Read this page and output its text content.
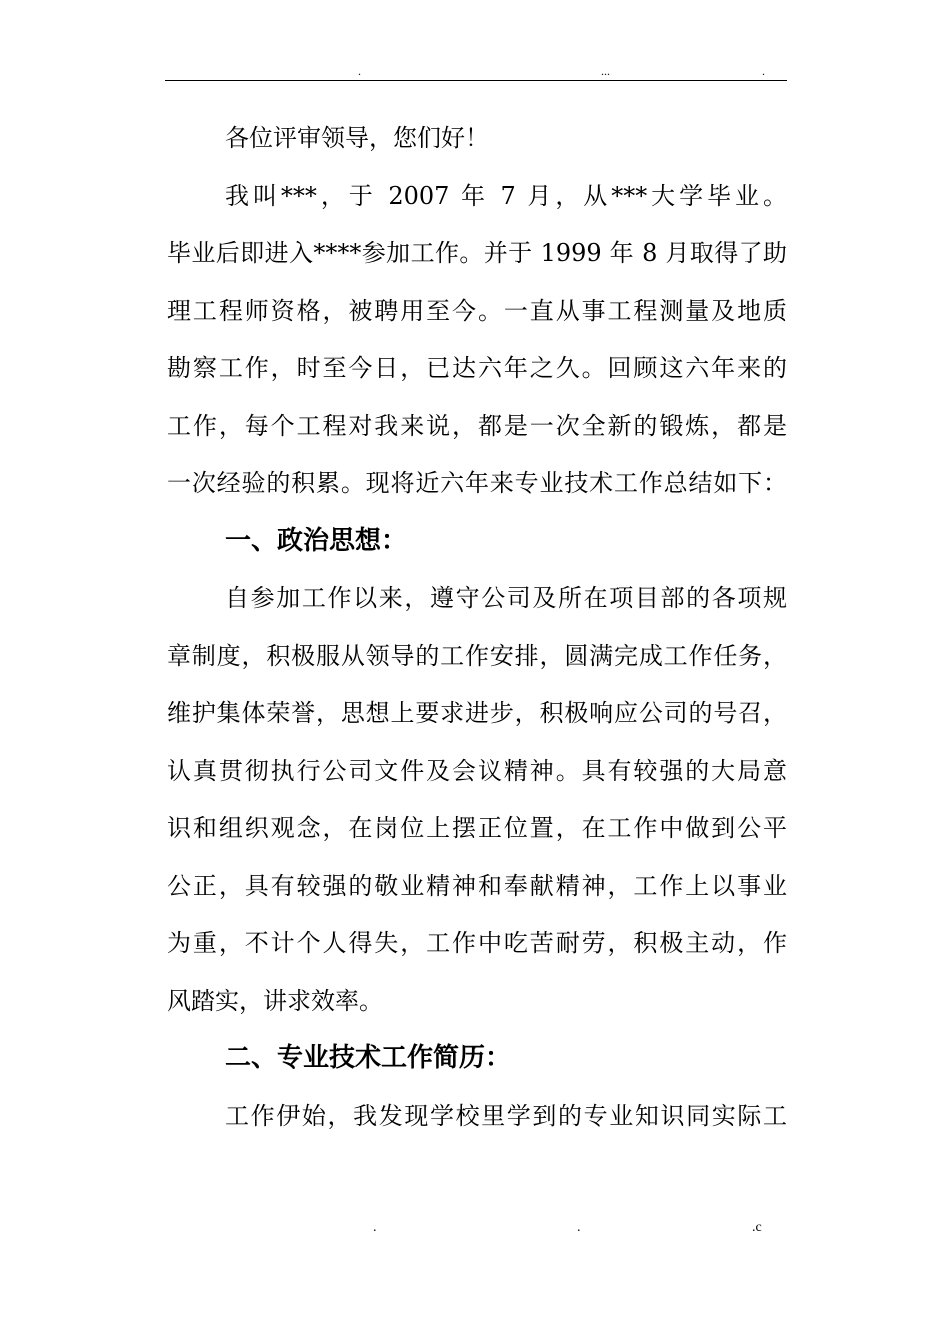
.	...	.
各位评审领导，您们好！
我叫***，于 2007 年 7 月，从***大学毕业。
毕业后即进入****参加工作。并于 1999 年 8 月取得了助
理工程师资格，被聘用至今。一直从事工程测量及地质
勘察工作，时至今日，已达六年之久。回顾这六年来的
工作，每个工程对我来说，都是一次全新的锻炼，都是
一次经验的积累。现将近六年来专业技术工作总结如下：
一、政治思想：
自参加工作以来，遵守公司及所在项目部的各项规
章制度，积极服从领导的工作安排，圆满完成工作任务，
维护集体荣誉，思想上要求进步，积极响应公司的号召，
认真贯彻执行公司文件及会议精神。具有较强的大局意
识和组织观念，在岗位上摆正位置，在工作中做到公平
公正，具有较强的敬业精神和奉献精神，工作上以事业
为重，不计个人得失，工作中吃苦耐劳，积极主动，作
风踏实，讲求效率。
二、专业技术工作简历：
工作伊始，我发现学校里学到的专业知识同实际工
.	.	.c
